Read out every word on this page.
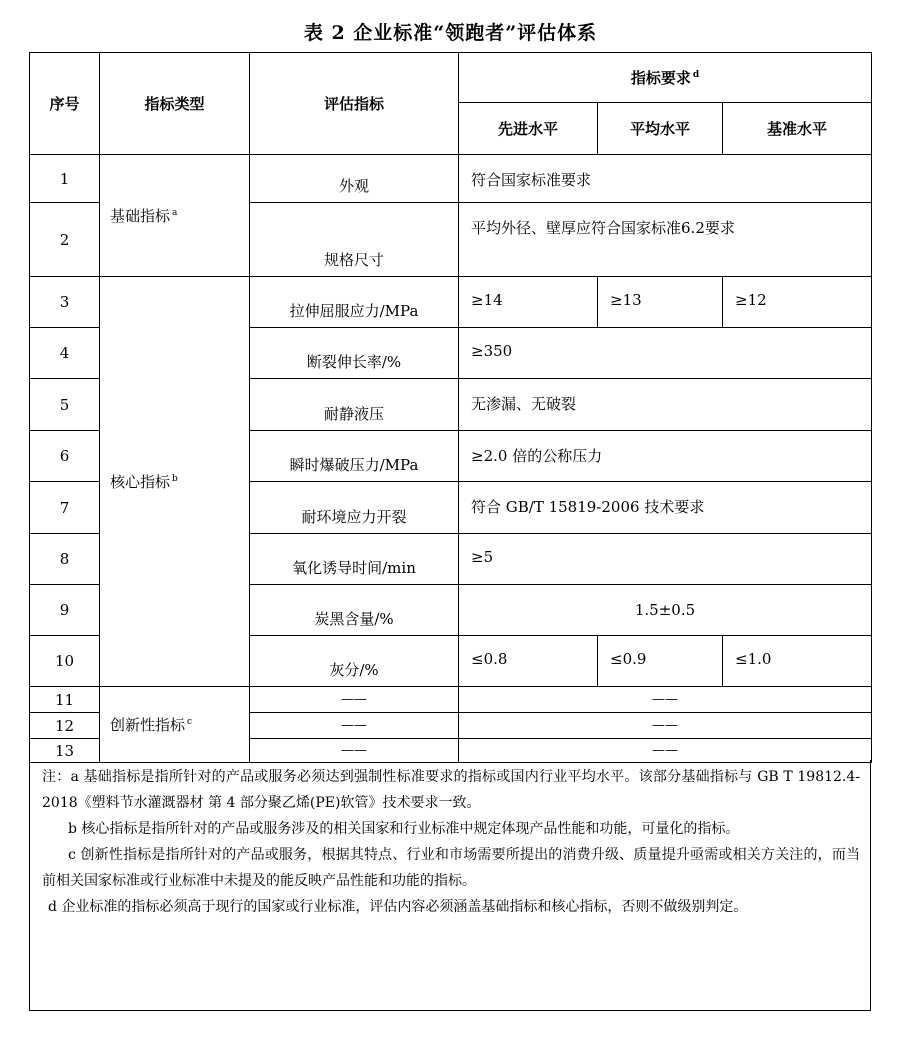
表 2 企业标准“领跑者”评估体系
序号	指标类型	评估指标	指标要求 $^d$
			先进水平	平均水平	基准水平
1	基础指标 $^a$	外观	符合国家标准要求		
2		规格尺寸	平均外径、壁厚应符合国家标准6.2要求		
3	核心指标 $^b$	拉伸屈服应力/MPa	≥14	≥13	≥12
4		断裂伸长率/%	≥350		
5		耐静液压	无渗漏、无破裂		
6		瞬时爆破压力/MPa	≥2.0 倍的公称压力		
7		耐环境应力开裂	符合 GB/T 15819-2006 技术要求		
8		氧化诱导时间/min	≥5		
9		炭黑含量/%	1.5±0.5		
10		灰分/%	≤0.8	≤0.9	≤1.0
11	创新性指标 $^c$	——	——		
12		——	——		
13		——	——		

注：a 基础指标是指所针对的产品或服务必须达到强制性标准要求的指标或国内行业平均水平。该部分基础指标与 GB T 19812.4-2018《塑料节水灌溉器材 第 4 部分聚乙烯(PE)软管》技术要求一致。

b 核心指标是指所针对的产品或服务涉及的相关国家和行业标准中规定体现产品性能和功能，可量化的指标。

c 创新性指标是指所针对的产品或服务，根据其特点、行业和市场需要所提出的消费升级、质量提升亟需或相关方关注的，而当前相关国家标准或行业标准中未提及的能反映产品性能和功能的指标。

d 企业标准的指标必须高于现行的国家或行业标准，评估内容必须涵盖基础指标和核心指标，否则不做级别判定。
